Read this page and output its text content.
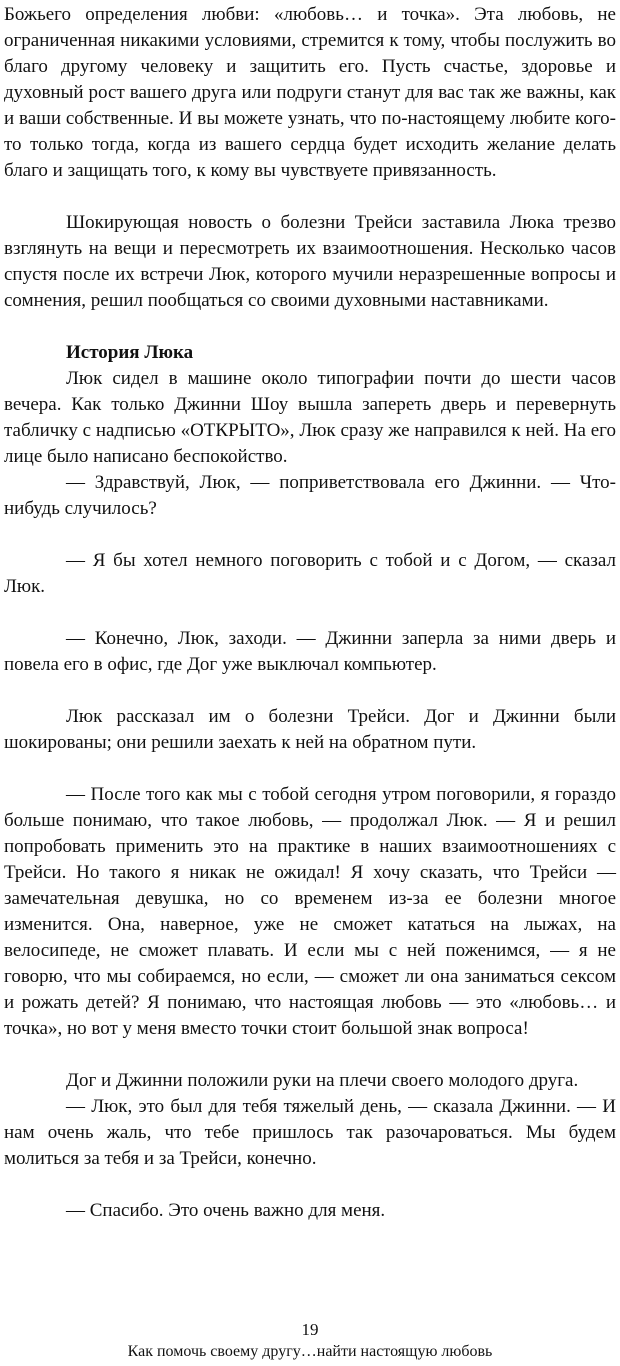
Божьего определения любви: «любовь… и точка». Эта любовь, не ограниченная никакими условиями, стремится к тому, чтобы послужить во благо другому человеку и защитить его. Пусть счастье, здоровье и духовный рост вашего друга или подруги станут для вас так же важны, как и ваши собственные. И вы можете узнать, что по-настоящему любите кого-то только тогда, когда из вашего сердца будет исходить желание делать благо и защищать того, к кому вы чувствуете привязанность.

Шокирующая новость о болезни Трейси заставила Люка трезво взглянуть на вещи и пересмотреть их взаимоотношения. Несколько часов спустя после их встречи Люк, которого мучили неразрешенные вопросы и сомнения, решил пообщаться со своими духовными наставниками.

История Люка

Люк сидел в машине около типографии почти до шести часов вечера. Как только Джинни Шоу вышла запереть дверь и перевернуть табличку с надписью «ОТКРЫТО», Люк сразу же направился к ней. На его лице было написано беспокойство.

— Здравствуй, Люк, — поприветствовала его Джинни. — Что-нибудь случилось?

— Я бы хотел немного поговорить с тобой и с Догом, — сказал Люк.

— Конечно, Люк, заходи. — Джинни заперла за ними дверь и повела его в офис, где Дог уже выключал компьютер.

Люк рассказал им о болезни Трейси. Дог и Джинни были шокированы; они решили заехать к ней на обратном пути.

— После того как мы с тобой сегодня утром поговорили, я гораздо больше понимаю, что такое любовь, — продолжал Люк. — Я и решил попробовать применить это на практике в наших взаимоотношениях с Трейси. Но такого я никак не ожидал! Я хочу сказать, что Трейси — замечательная девушка, но со временем из-за ее болезни многое изменится. Она, наверное, уже не сможет кататься на лыжах, на велосипеде, не сможет плавать. И если мы с ней поженимся, — я не говорю, что мы собираемся, но если, — сможет ли она заниматься сексом и рожать детей? Я понимаю, что настоящая любовь — это «любовь… и точка», но вот у меня вместо точки стоит большой знак вопроса!

Дог и Джинни положили руки на плечи своего молодого друга.

— Люк, это был для тебя тяжелый день, — сказала Джинни. — И нам очень жаль, что тебе пришлось так разочароваться. Мы будем молиться за тебя и за Трейси, конечно.

— Спасибо. Это очень важно для меня.

19
Как помочь своему другу…найти настоящую любовь
